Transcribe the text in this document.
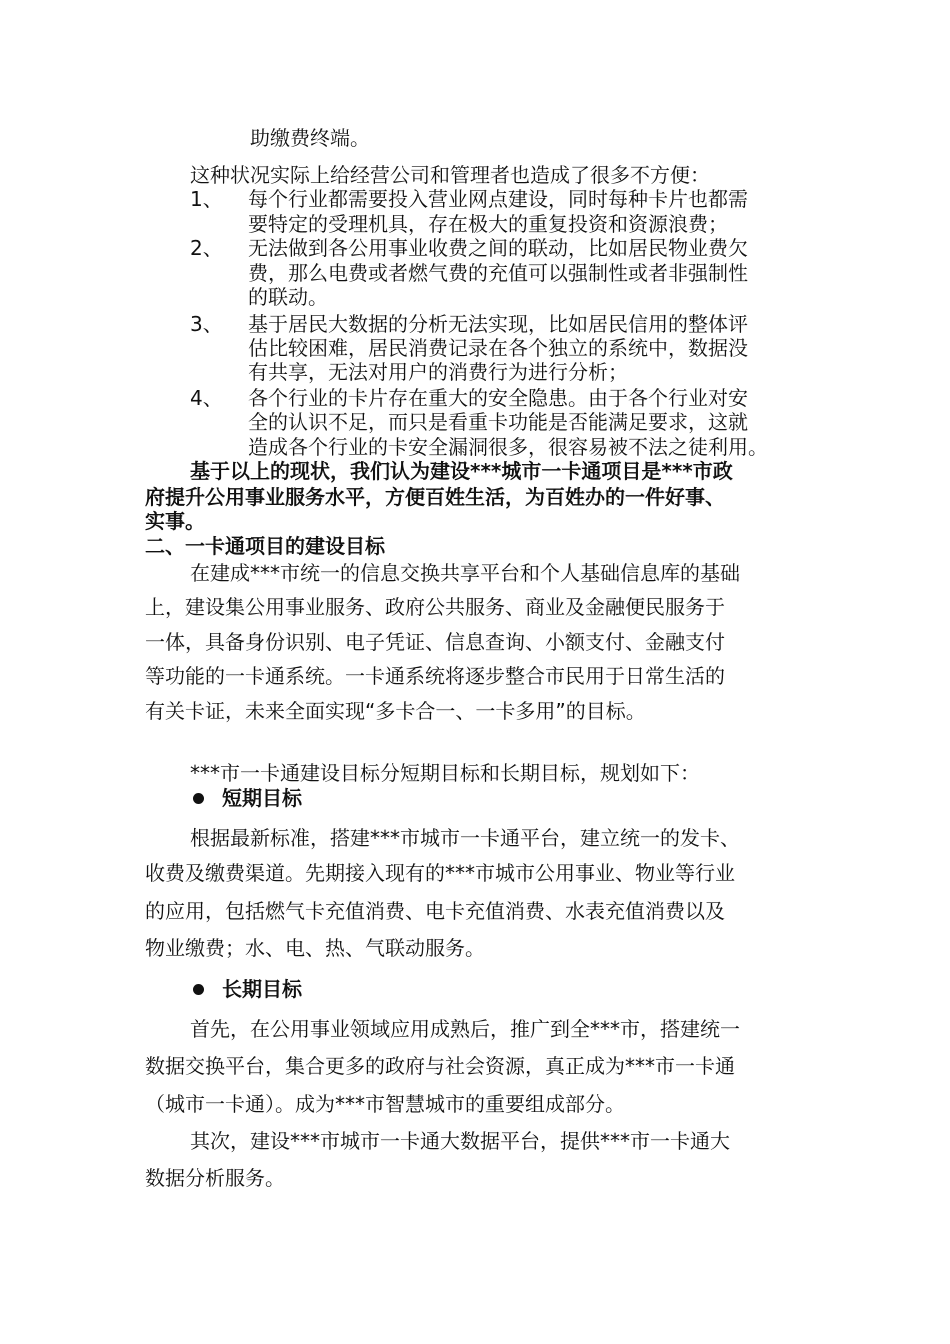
助缴费终端。
这种状况实际上给经营公司和管理者也造成了很多不方便：
1、 每个行业都需要投入营业网点建设，同时每种卡片也都需
要特定的受理机具，存在极大的重复投资和资源浪费；
2、 无法做到各公用事业收费之间的联动，比如居民物业费欠
费，那么电费或者燃气费的充值可以强制性或者非强制性
的联动。
3、 基于居民大数据的分析无法实现，比如居民信用的整体评
估比较困难，居民消费记录在各个独立的系统中，数据没
有共享，无法对用户的消费行为进行分析；
4、 各个行业的卡片存在重大的安全隐患。由于各个行业对安
全的认识不足，而只是看重卡功能是否能满足要求，这就
造成各个行业的卡安全漏洞很多，很容易被不法之徒利用。
基于以上的现状，我们认为建设***城市一卡通项目是***市政
府提升公用事业服务水平，方便百姓生活，为百姓办的一件好事、
实事。
二、一卡通项目的建设目标
在建成***市统一的信息交换共享平台和个人基础信息库的基础
上，建设集公用事业服务、政府公共服务、商业及金融便民服务于
一体，具备身份识别、电子凭证、信息查询、小额支付、金融支付
等功能的一卡通系统。一卡通系统将逐步整合市民用于日常生活的
有关卡证，未来全面实现“多卡合一、一卡多用”的目标。
***市一卡通建设目标分短期目标和长期目标，规划如下：
短期目标
根据最新标准，搭建***市城市一卡通平台，建立统一的发卡、
收费及缴费渠道。先期接入现有的***市城市公用事业、物业等行业
的应用，包括燃气卡充值消费、电卡充值消费、水表充值消费以及
物业缴费；水、电、热、气联动服务。
长期目标
首先，在公用事业领域应用成熟后，推广到全***市，搭建统一
数据交换平台，集合更多的政府与社会资源，真正成为***市一卡通
（城市一卡通）。成为***市智慧城市的重要组成部分。
其次，建设***市城市一卡通大数据平台，提供***市一卡通大
数据分析服务。
